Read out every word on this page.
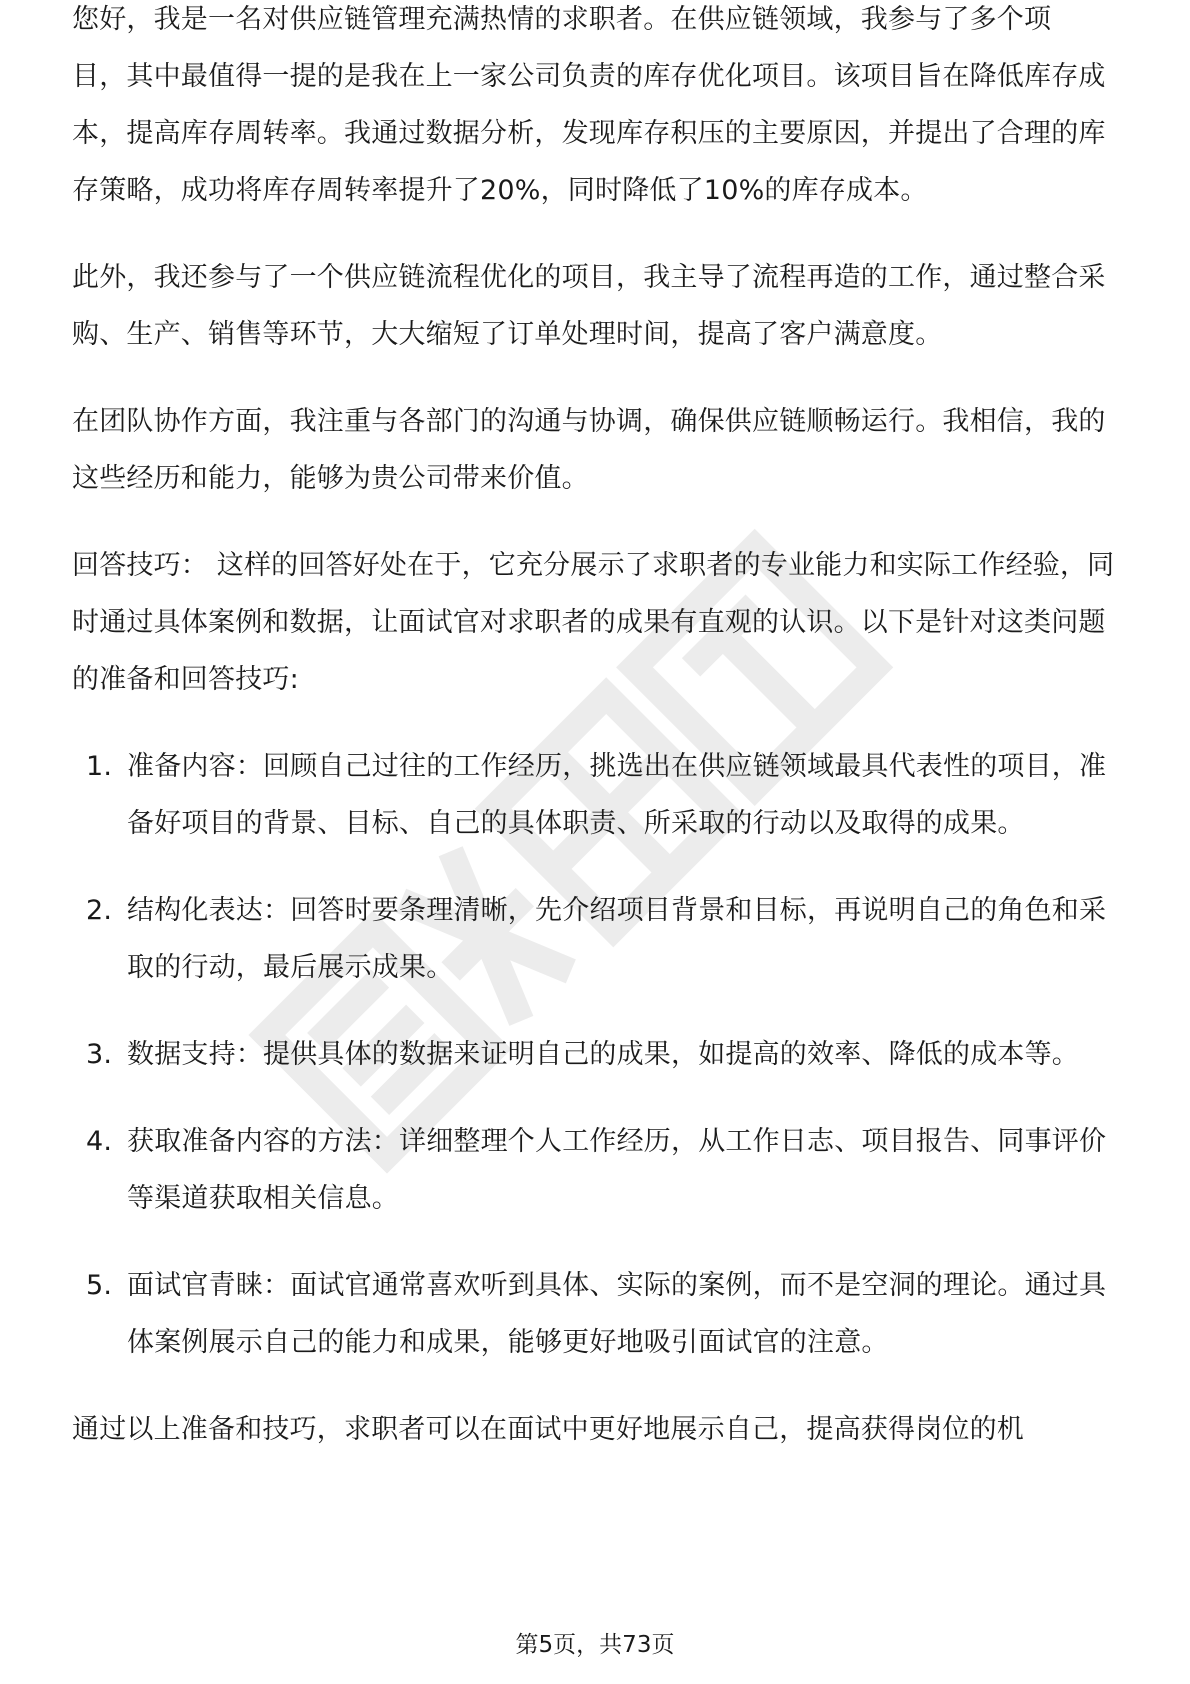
您好，我是一名对供应链管理充满热情的求职者。在供应链领域，我参与了多个项

目，其中最值得一提的是我在上一家公司负责的库存优化项目。该项目旨在降低库存成本，提高库存周转率。我通过数据分析，发现库存积压的主要原因，并提出了合理的库存策略，成功将库存周转率提升了20%，同时降低了10%的库存成本。

此外，我还参与了一个供应链流程优化的项目，我主导了流程再造的工作，通过整合采购、生产、销售等环节，大大缩短了订单处理时间，提高了客户满意度。

在团队协作方面，我注重与各部门的沟通与协调，确保供应链顺畅运行。我相信，我的这些经历和能力，能够为贵公司带来价值。

回答技巧： 这样的回答好处在于，它充分展示了求职者的专业能力和实际工作经验，同时通过具体案例和数据，让面试官对求职者的成果有直观的认识。以下是针对这类问题的准备和回答技巧:

1. 准备内容：回顾自己过往的工作经历，挑选出在供应链领域最具代表性的项目，准备好项目的背景、目标、自己的具体职责、所采取的行动以及取得的成果。
2. 结构化表达：回答时要条理清晰，先介绍项目背景和目标，再说明自己的角色和采取的行动，最后展示成果。
3. 数据支持：提供具体的数据来证明自己的成果，如提高的效率、降低的成本等。
4. 获取准备内容的方法：详细整理个人工作经历，从工作日志、项目报告、同事评价等渠道获取相关信息。
5. 面试官青睐：面试官通常喜欢听到具体、实际的案例，而不是空洞的理论。通过具体案例展示自己的能力和成果，能够更好地吸引面试官的注意。

通过以上准备和技巧，求职者可以在面试中更好地展示自己，提高获得岗位的机

第5页，共73页
